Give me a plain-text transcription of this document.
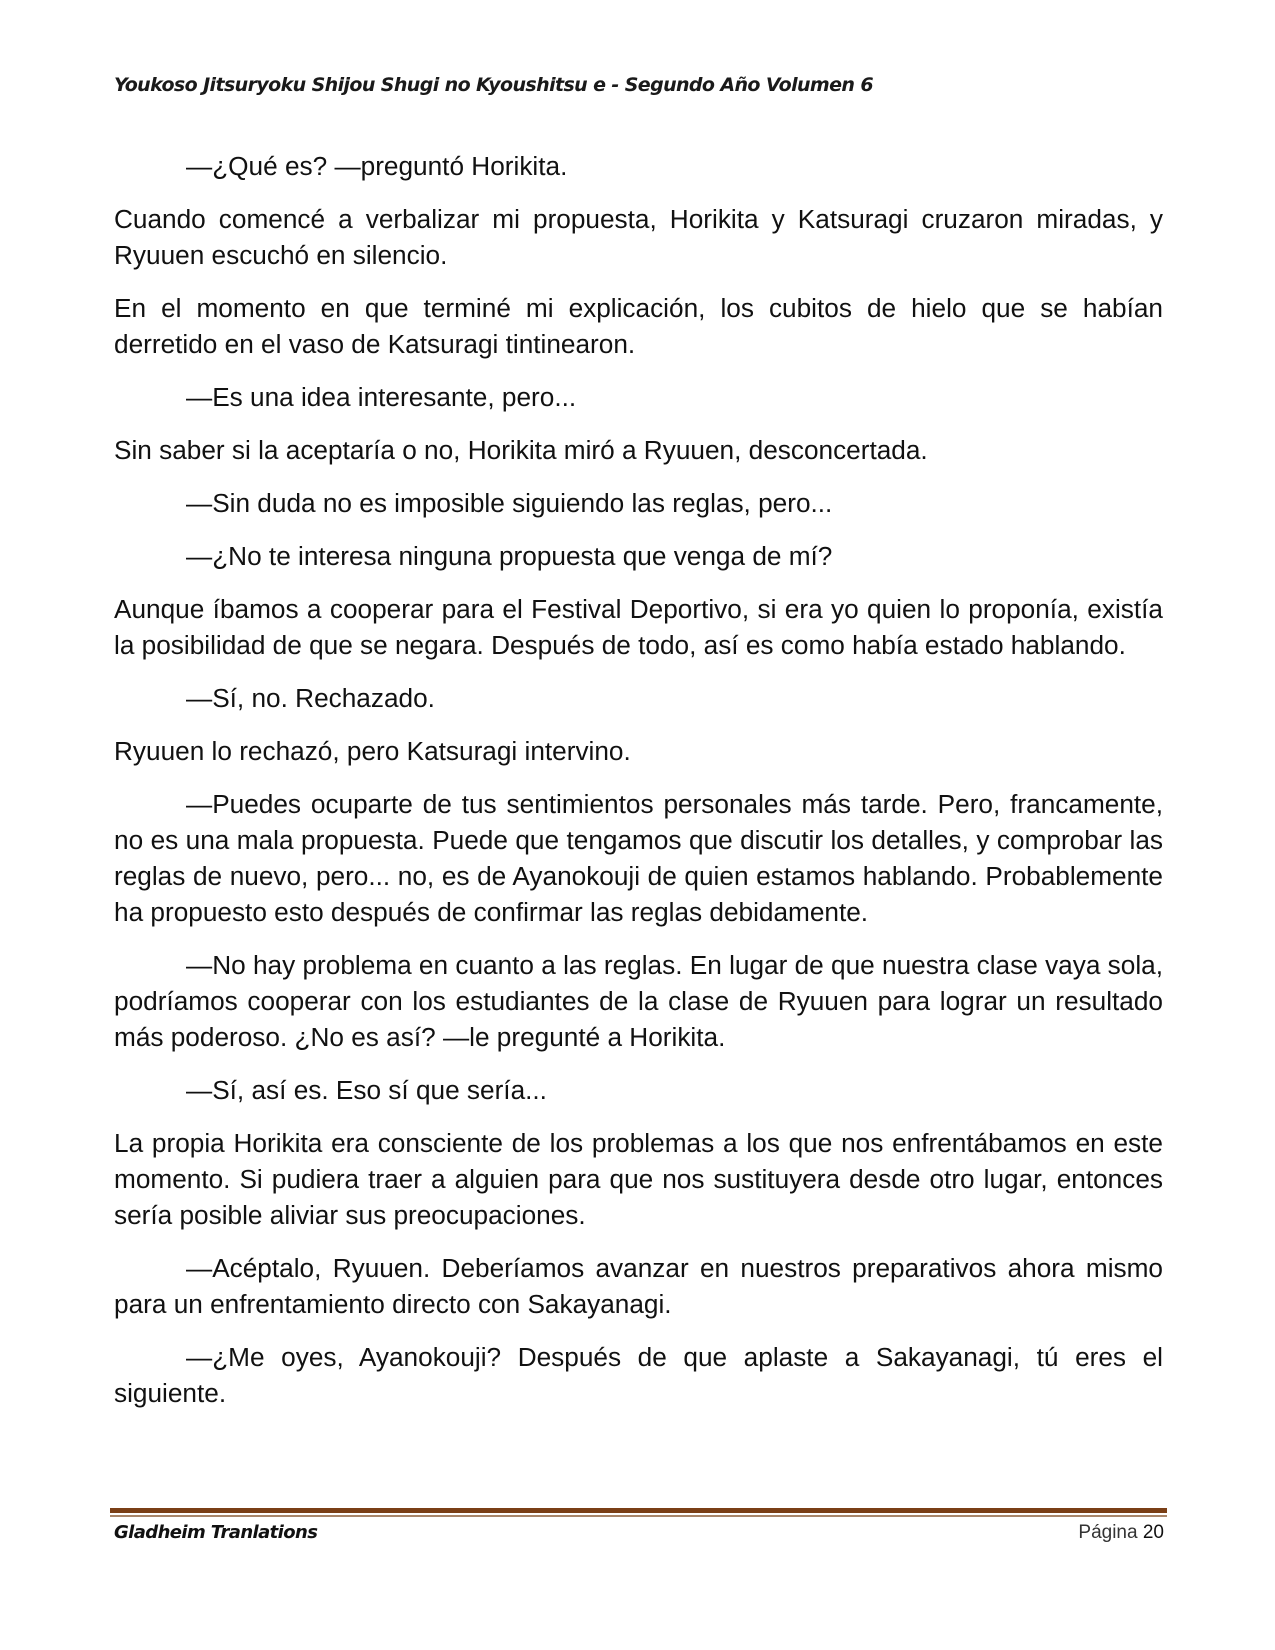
Youkoso Jitsuryoku Shijou Shugi no Kyoushitsu e - Segundo Año Volumen 6

—¿Qué es? —preguntó Horikita.

Cuando comencé a verbalizar mi propuesta, Horikita y Katsuragi cruzaron miradas, y Ryuuen escuchó en silencio.

En el momento en que terminé mi explicación, los cubitos de hielo que se habían derretido en el vaso de Katsuragi tintinearon.

—Es una idea interesante, pero...

Sin saber si la aceptaría o no, Horikita miró a Ryuuen, desconcertada.

—Sin duda no es imposible siguiendo las reglas, pero...

—¿No te interesa ninguna propuesta que venga de mí?

Aunque íbamos a cooperar para el Festival Deportivo, si era yo quien lo proponía, existía la posibilidad de que se negara. Después de todo, así es como había estado hablando.

—Sí, no. Rechazado.

Ryuuen lo rechazó, pero Katsuragi intervino.

—Puedes ocuparte de tus sentimientos personales más tarde. Pero, francamente, no es una mala propuesta. Puede que tengamos que discutir los detalles, y comprobar las reglas de nuevo, pero... no, es de Ayanokouji de quien estamos hablando. Probablemente ha propuesto esto después de confirmar las reglas debidamente.

—No hay problema en cuanto a las reglas. En lugar de que nuestra clase vaya sola, podríamos cooperar con los estudiantes de la clase de Ryuuen para lograr un resultado más poderoso. ¿No es así? —le pregunté a Horikita.

—Sí, así es. Eso sí que sería...

La propia Horikita era consciente de los problemas a los que nos enfrentábamos en este momento. Si pudiera traer a alguien para que nos sustituyera desde otro lugar, entonces sería posible aliviar sus preocupaciones.

—Acéptalo, Ryuuen. Deberíamos avanzar en nuestros preparativos ahora mismo para un enfrentamiento directo con Sakayanagi.

—¿Me oyes, Ayanokouji? Después de que aplaste a Sakayanagi, tú eres el siguiente.

Gladheim Tranlations	Página 20
